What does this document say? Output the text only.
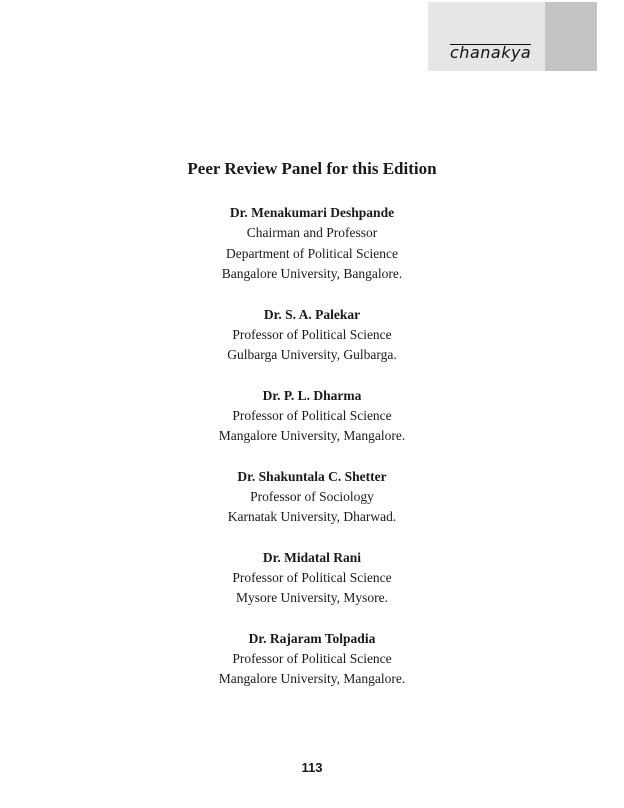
chanakya
Peer Review Panel for this Edition
Dr. Menakumari Deshpande
Chairman and Professor
Department of Political Science
Bangalore University, Bangalore.
Dr. S. A. Palekar
Professor of Political Science
Gulbarga University, Gulbarga.
Dr. P. L. Dharma
Professor of Political Science
Mangalore University, Mangalore.
Dr. Shakuntala C. Shetter
Professor of Sociology
Karnatak University, Dharwad.
Dr. Midatal Rani
Professor of Political Science
Mysore University, Mysore.
Dr. Rajaram Tolpadia
Professor of Political Science
Mangalore University, Mangalore.
113
